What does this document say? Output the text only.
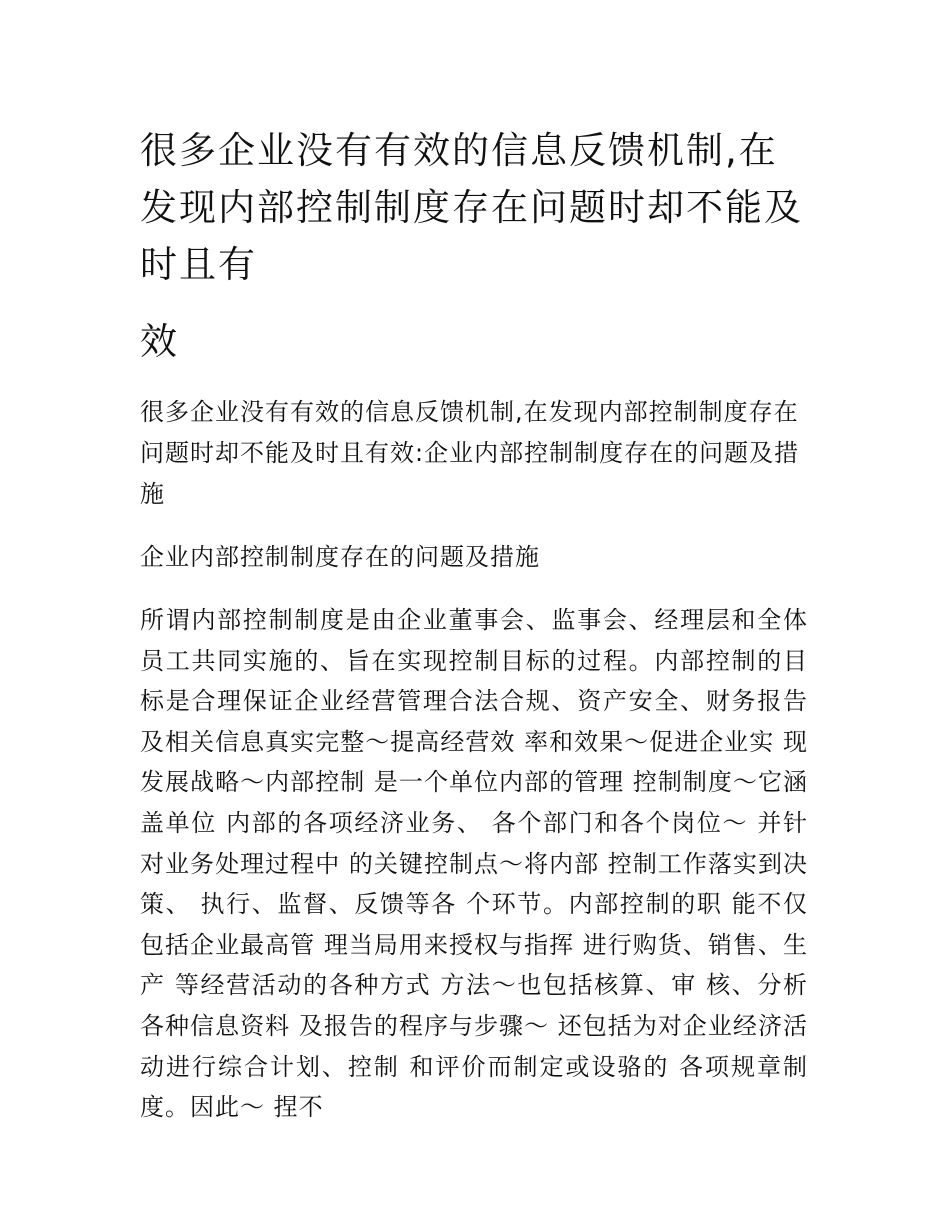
很多企业没有有效的信息反馈机制,在发现内部控制制度存在问题时却不能及时且有
效

很多企业没有有效的信息反馈机制,在发现内部控制制度存在问题时却不能及时且有效:企业内部控制制度存在的问题及措施

企业内部控制制度存在的问题及措施

所谓内部控制制度是由企业董事会、监事会、经理层和全体员工共同实施的、旨在实现控制目标的过程。内部控制的目标是合理保证企业经营管理合法合规、资产安全、财务报告及相关信息真实完整～提高经营效 率和效果～促进企业实 现发展战略～内部控制 是一个单位内部的管理 控制制度～它涵盖单位 内部的各项经济业务、 各个部门和各个岗位～ 并针对业务处理过程中 的关键控制点～将内部 控制工作落实到决策、 执行、监督、反馈等各 个环节。内部控制的职 能不仅包括企业最高管 理当局用来授权与指挥 进行购货、销售、生产 等经营活动的各种方式 方法～也包括核算、审 核、分析各种信息资料 及报告的程序与步骤～ 还包括为对企业经济活 动进行综合计划、控制 和评价而制定或设骆的 各项规章制度。因此～ 捏不
